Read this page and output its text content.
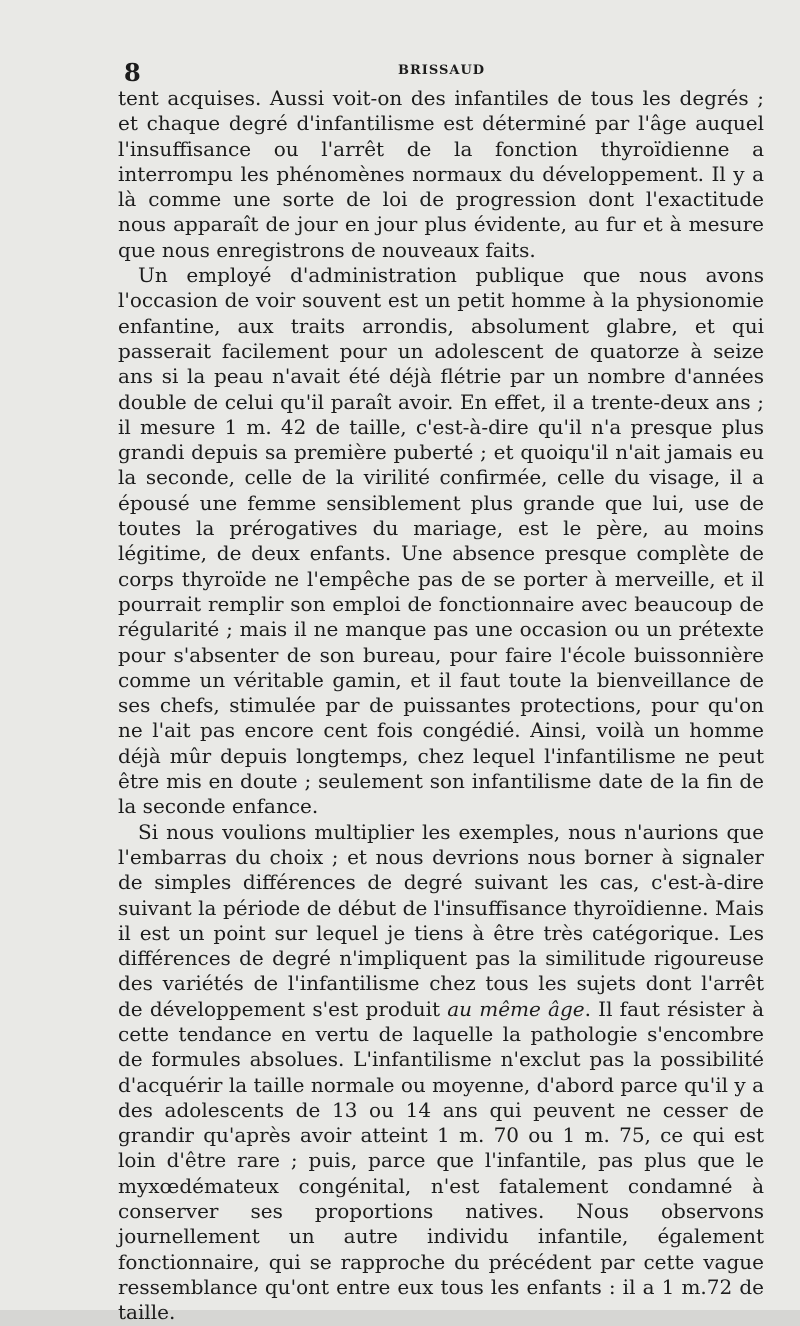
8	BRISSAUD

tent acquises. Aussi voit-on des infantiles de tous les degrés ; et chaque degré d'infantilisme est déterminé par l'âge auquel l'insuffisance ou l'arrêt de la fonction thyroïdienne a interrompu les phénomènes normaux du développement. Il y a là comme une sorte de loi de progression dont l'exactitude nous apparaît de jour en jour plus évidente, au fur et à mesure que nous enregistrons de nouveaux faits.

Un employé d'administration publique que nous avons l'occasion de voir souvent est un petit homme à la physionomie enfantine, aux traits arrondis, absolument glabre, et qui passerait facilement pour un adolescent de quatorze à seize ans si la peau n'avait été déjà flétrie par un nombre d'années double de celui qu'il paraît avoir. En effet, il a trente-deux ans ; il mesure 1 m. 42 de taille, c'est-à-dire qu'il n'a presque plus grandi depuis sa première puberté ; et quoiqu'il n'ait jamais eu la seconde, celle de la virilité confirmée, celle du visage, il a épousé une femme sensiblement plus grande que lui, use de toutes la prérogatives du mariage, est le père, au moins légitime, de deux enfants. Une absence presque complète de corps thyroïde ne l'empêche pas de se porter à merveille, et il pourrait remplir son emploi de fonctionnaire avec beaucoup de régularité ; mais il ne manque pas une occasion ou un prétexte pour s'absenter de son bureau, pour faire l'école buissonnière comme un véritable gamin, et il faut toute la bienveillance de ses chefs, stimulée par de puissantes protections, pour qu'on ne l'ait pas encore cent fois congédié. Ainsi, voilà un homme déjà mûr depuis longtemps, chez lequel l'infantilisme ne peut être mis en doute ; seulement son infantilisme date de la fin de la seconde enfance.

Si nous voulions multiplier les exemples, nous n'aurions que l'embarras du choix ; et nous devrions nous borner à signaler de simples différences de degré suivant les cas, c'est-à-dire suivant la période de début de l'insuffisance thyroïdienne. Mais il est un point sur lequel je tiens à être très catégorique. Les différences de degré n'impliquent pas la similitude rigoureuse des variétés de l'infantilisme chez tous les sujets dont l'arrêt de développement s'est produit au même âge. Il faut résister à cette tendance en vertu de laquelle la pathologie s'encombre de formules absolues. L'infantilisme n'exclut pas la possibilité d'acquérir la taille normale ou moyenne, d'abord parce qu'il y a des adolescents de 13 ou 14 ans qui peuvent ne cesser de grandir qu'après avoir atteint 1 m. 70 ou 1 m. 75, ce qui est loin d'être rare ; puis, parce que l'infantile, pas plus que le myxœdémateux congénital, n'est fatalement condamné à conserver ses proportions natives. Nous observons journellement un autre individu infantile, également fonctionnaire, qui se rapproche du précédent par cette vague ressemblance qu'ont entre eux tous les enfants : il a 1 m.72 de taille.
